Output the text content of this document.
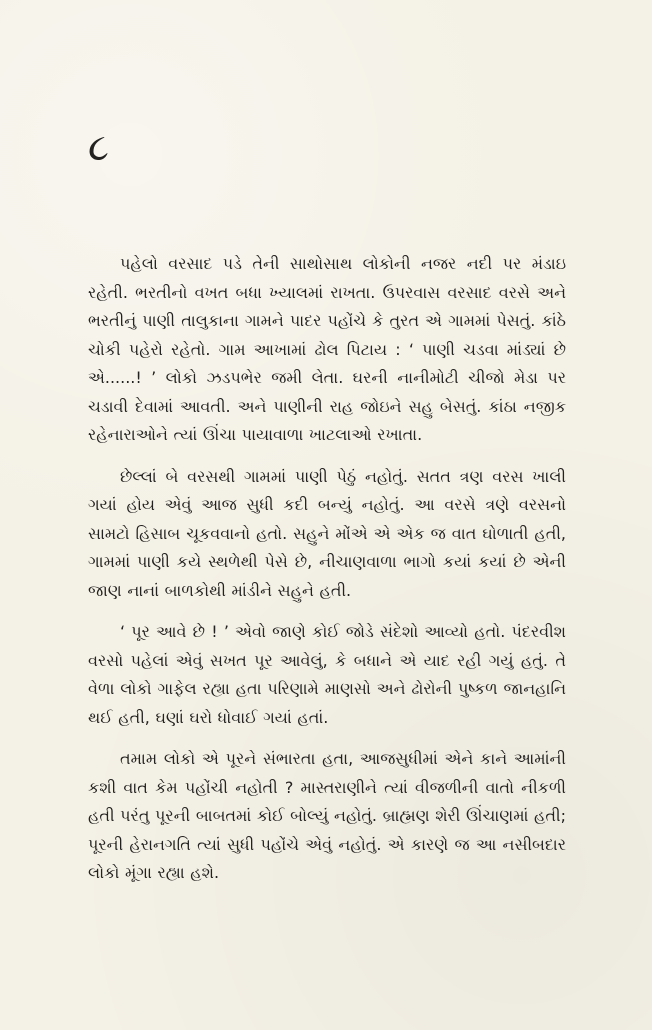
૮

પહેલો વરસાદ પડે તેની સાથોસાથ લોકોની નજર નદી પર મંડાઇ રહેતી. ભરતીનો વખત બધા ખ્યાલમાં રાખતા. ઉપરવાસ વરસાદ વરસે અને ભરતીનું પાણી તાલુકાના ગામને પાદર પહોંચે કે તુરત એ ગામમાં પેસતું. કાંઠે ચોકી પહેરો રહેતો. ગામ આખામાં ઢોલ પિટાય : ‘ પાણી ચડવા માંડ્યાં છે એ......! ’ લોકો ઝડપભેર જમી લેતા. ઘરની નાનીમોટી ચીજો મેડા પર ચડાવી દેવામાં આવતી. અને પાણીની રાહ જોઇને સહુ બેસતું. કાંઠા નજીક રહેનારાઓને ત્યાં ઊંચા પાયાવાળા ખાટલાઓ રખાતા.

છેલ્લાં બે વરસથી ગામમાં પાણી પેઠું નહોતું. સતત ત્રણ વરસ ખાલી ગયાં હોય એવું આજ સુધી કદી બન્યું નહોતું. આ વરસે ત્રણે વરસનો સામટો હિસાબ ચૂકવવાનો હતો. સહુને મોંએ એ એક જ વાત ઘોળાતી હતી, ગામમાં પાણી કયે સ્થળેથી પેસે છે, નીચાણવાળા ભાગો કયાં કયાં છે એની જાણ નાનાં બાળકોથી માંડીને સહુને હતી.

‘ પૂર આવે છે ! ’ એવો જાણે કોઈ જોડે સંદેશો આવ્યો હતો. પંદરવીશ વરસો પહેલાં એવું સખત પૂર આવેલું, કે બધાને એ યાદ રહી ગયું હતું. તે વેળા લોકો ગાફેલ રહ્યા હતા પરિણામે માણસો અને ઢોરોની પુષ્કળ જાનહાનિ થઈ હતી, ઘણાં ઘરો ધોવાઈ ગયાં હતાં.

તમામ લોકો એ પૂરને સંભારતા હતા, આજસુધીમાં એને કાને આમાંની કશી વાત કેમ પહોંચી નહોતી ? માસ્તરાણીને ત્યાં વીજળીની વાતો નીકળી હતી પરંતુ પૂરની બાબતમાં કોઈ બોલ્યું નહોતું. બ્રાહ્મણ શેરી ઊંચાણમાં હતી; પૂરની હેરાનગતિ ત્યાં સુધી પહોંચે એવું નહોતું. એ કારણે જ આ નસીબદાર લોકો મૂંગા રહ્યા હશે.
